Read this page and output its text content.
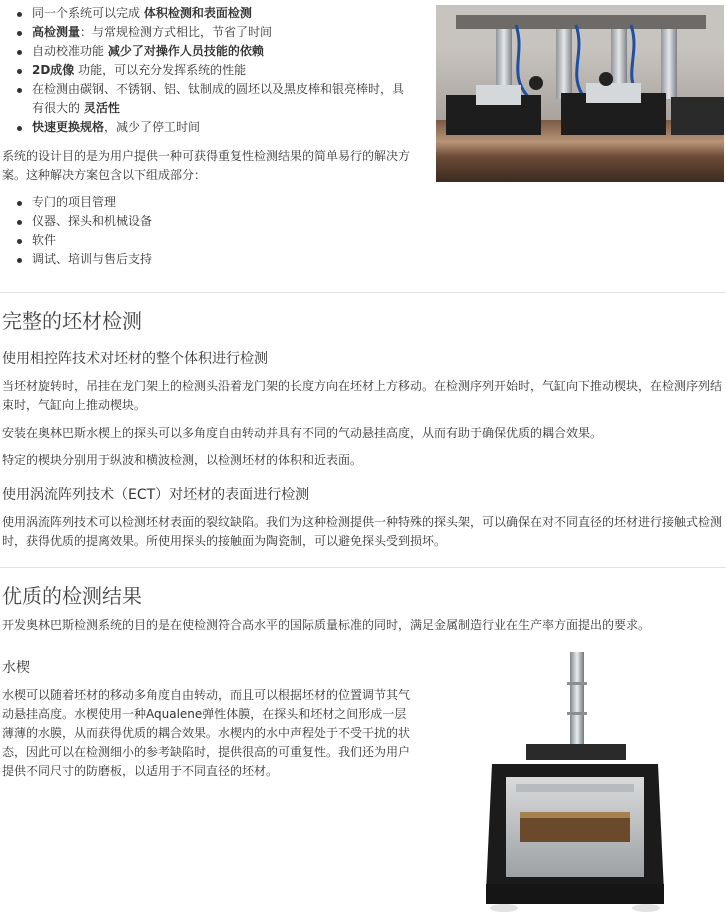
同一个系统可以完成 体积检测和表面检测
高检测量：与常规检测方式相比，节省了时间
自动校准功能 减少了对操作人员技能的依赖
2D成像 功能，可以充分发挥系统的性能
在检测由碳钢、不锈钢、铝、钛制成的圆坯以及黑皮棒和银亮棒时，具有很大的 灵活性
快速更换规格，减少了停工时间

系统的设计目的是为用户提供一种可获得重复性检测结果的简单易行的解决方案。这种解决方案包含以下组成部分：

专门的项目管理
仪器、探头和机械设备
软件
调试、培训与售后支持
完整的坯材检测
使用相控阵技术对坯材的整个体积进行检测

当坯材旋转时，吊挂在龙门架上的检测头沿着龙门架的长度方向在坯材上方移动。在检测序列开始时，气缸向下推动楔块，在检测序列结束时，气缸向上推动楔块。

安装在奥林巴斯水楔上的探头可以多角度自由转动并具有不同的气动悬挂高度，从而有助于确保优质的耦合效果。

特定的楔块分别用于纵波和横波检测，以检测坯材的体积和近表面。

使用涡流阵列技术（ECT）对坯材的表面进行检测

使用涡流阵列技术可以检测坯材表面的裂纹缺陷。我们为这种检测提供一种特殊的探头架，可以确保在对不同直径的坯材进行接触式检测时，获得优质的提离效果。所使用探头的接触面为陶瓷制，可以避免探头受到损坏。

优质的检测结果

开发奥林巴斯检测系统的目的是在使检测符合高水平的国际质量标准的同时，满足金属制造行业在生产率方面提出的要求。

水楔

水楔可以随着坯材的移动多角度自由转动，而且可以根据坯材的位置调节其气动悬挂高度。水楔使用一种Aqualene弹性体膜，在探头和坯材之间形成一层薄薄的水膜，从而获得优质的耦合效果。水楔内的水中声程处于不受干扰的状态，因此可以在检测细小的参考缺陷时，提供很高的可重复性。我们还为用户提供不同尺寸的防磨板，以适用于不同直径的坯材。
